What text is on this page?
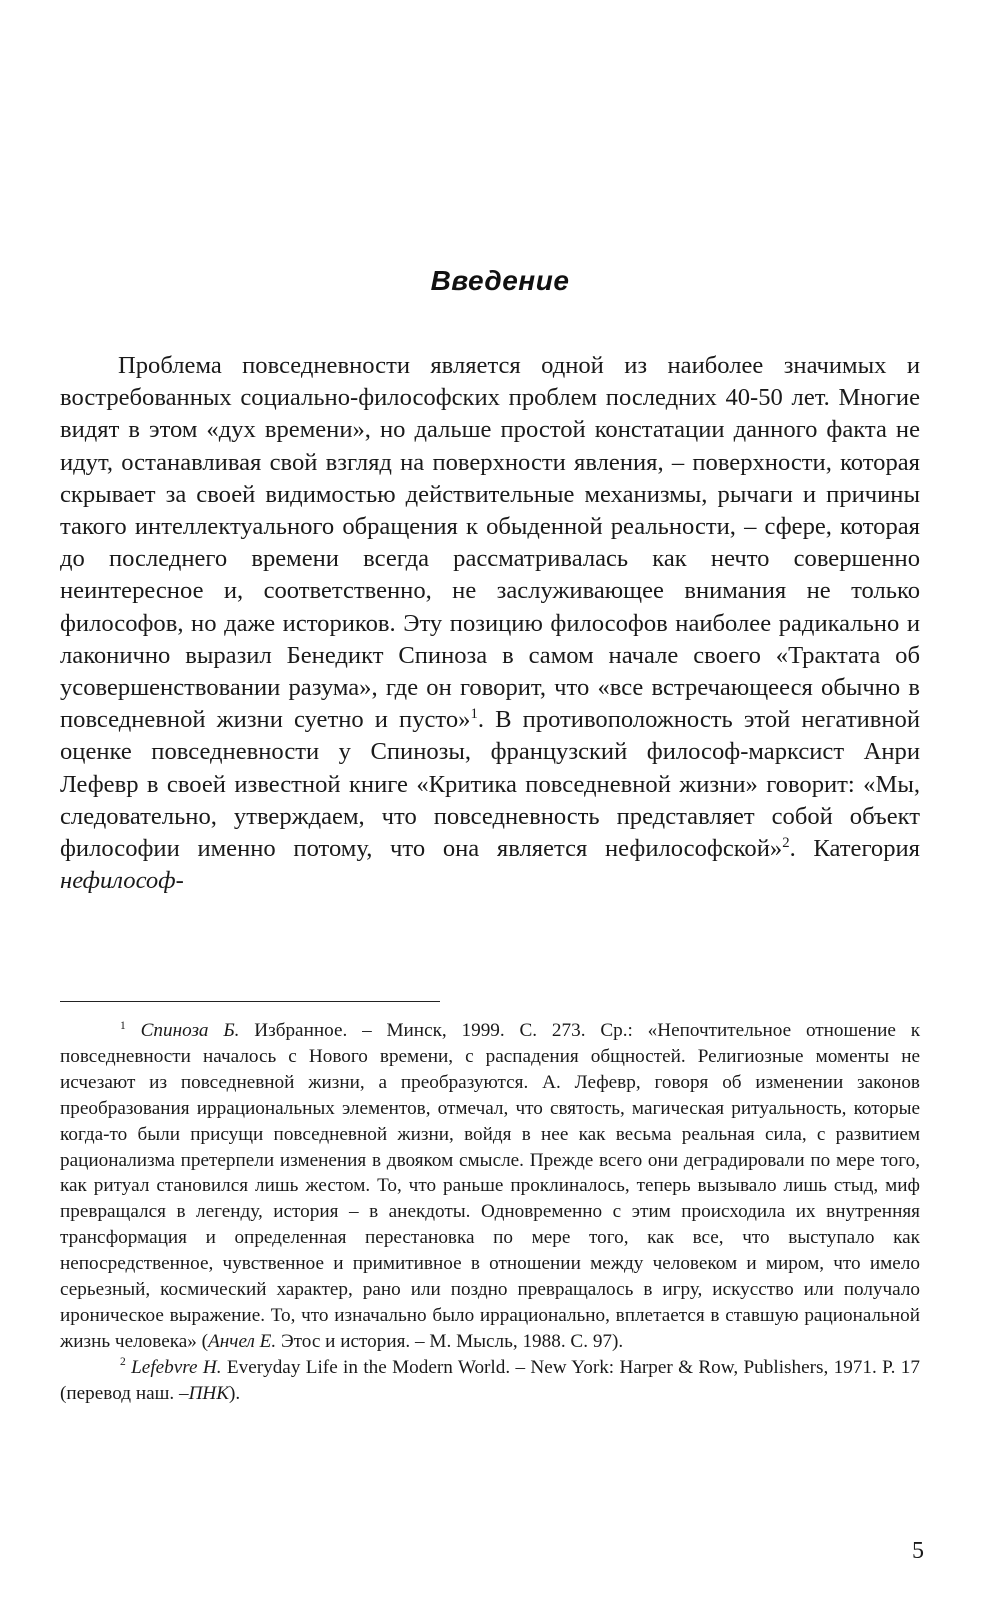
Введение

Проблема повседневности является одной из наиболее значимых и востребованных социально-философских проблем последних 40-50 лет. Многие видят в этом «дух времени», но дальше простой констатации данного факта не идут, останавливая свой взгляд на поверхности явления, – поверхности, которая скрывает за своей видимостью действительные механизмы, рычаги и причины такого интеллектуального обращения к обыденной реальности, – сфере, которая до последнего времени всегда рассматривалась как нечто совершенно неинтересное и, соответственно, не заслуживающее внимания не только философов, но даже историков. Эту позицию философов наиболее радикально и лаконично выразил Бенедикт Спиноза в самом начале своего «Трактата об усовершенствовании разума», где он говорит, что «все встречающееся обычно в повседневной жизни суетно и пусто»$^1$. В противоположность этой негативной оценке повседневности у Спинозы, французский философ-марксист Анри Лефевр в своей известной книге «Критика повседневной жизни» говорит: «Мы, следовательно, утверждаем, что повседневность представляет собой объект философии именно потому, что она является нефилософской»$^2$. Категория нефилософ-

$^1$ Спиноза Б. Избранное. – Минск, 1999. С. 273. Ср.: «Непочтительное отношение к повседневности началось с Нового времени, с распадения общностей. Религиозные моменты не исчезают из повседневной жизни, а преобразуются. А. Лефевр, говоря об изменении законов преобразования иррациональных элементов, отмечал, что святость, магическая ритуальность, которые когда-то были присущи повседневной жизни, войдя в нее как весьма реальная сила, с развитием рационализма претерпели изменения в двояком смысле. Прежде всего они деградировали по мере того, как ритуал становился лишь жестом. То, что раньше проклиналось, теперь вызывало лишь стыд, миф превращался в легенду, история – в анекдоты. Одновременно с этим происходила их внутренняя трансформация и определенная перестановка по мере того, как все, что выступало как непосредственное, чувственное и примитивное в отношении между человеком и миром, что имело серьезный, космический характер, рано или поздно превращалось в игру, искусство или получало ироническое выражение. То, что изначально было иррационально, вплетается в ставшую рациональной жизнь человека» (Анчел Е. Этос и история. – М. Мысль, 1988. С. 97).

$^2$ Lefebvre H. Everyday Life in the Modern World. – New York: Harper & Row, Publishers, 1971. P. 17 (перевод наш. –ПНК).

5
